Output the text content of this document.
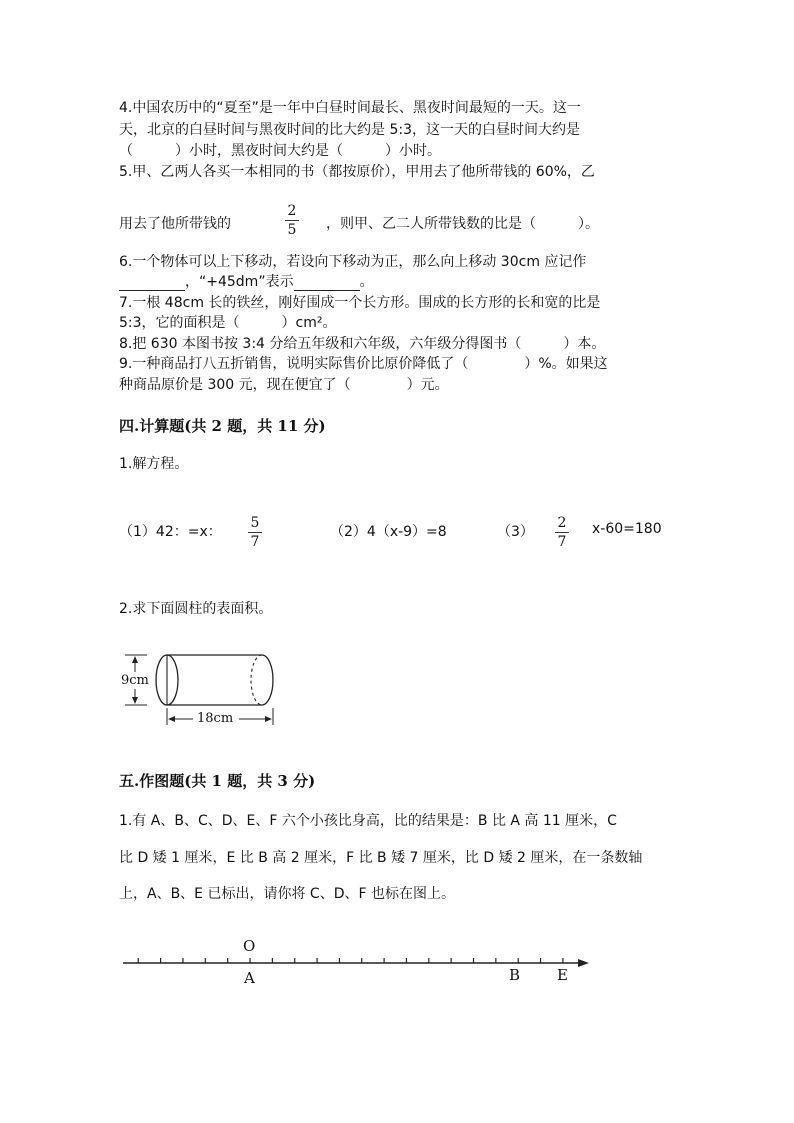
4.中国农历中的“夏至”是一年中白昼时间最长、黑夜时间最短的一天。这一
天，北京的白昼时间与黑夜时间的比大约是 5:3，这一天的白昼时间大约是
（　　　）小时，黑夜时间大约是（　　　）小时。
5.甲、乙两人各买一本相同的书（都按原价），甲用去了他所带钱的 60%，乙
用去了他所带钱的
2
5 ，则甲、乙二人所带钱数的比是（　　　）。
6.一个物体可以上下移动，若设向下移动为正，那么向上移动 30cm 应记作
，“+45dm”表示	。
7.一根 48cm 长的铁丝，刚好围成一个长方形。围成的长方形的长和宽的比是
5:3，它的面积是（　　　）cm²。
8.把 630 本图书按 3:4 分给五年级和六年级，六年级分得图书（　　　）本。
9.一种商品打八五折销售，说明实际售价比原价降低了（　　　　）%。如果这
种商品原价是 300 元，现在便宜了（　　　　）元。
四.计算题(共 2 题，共 11 分)
1.解方程。
（1）42：=x：
5
7
（2）4（x-9）=8	（3）
2
7
x-60=180
2.求下面圆柱的表面积。
9cm
18cm
五.作图题(共 1 题，共 3 分)
1.有 A、B、C、D、E、F 六个小孩比身高，比的结果是：B 比 A 高 11 厘米，C
比 D 矮 1 厘米，E 比 B 高 2 厘米，F 比 B 矮 7 厘米，比 D 矮 2 厘米，在一条数轴
上，A、B、E 已标出，请你将 C、D、F 也标在图上。
O
A	B E
